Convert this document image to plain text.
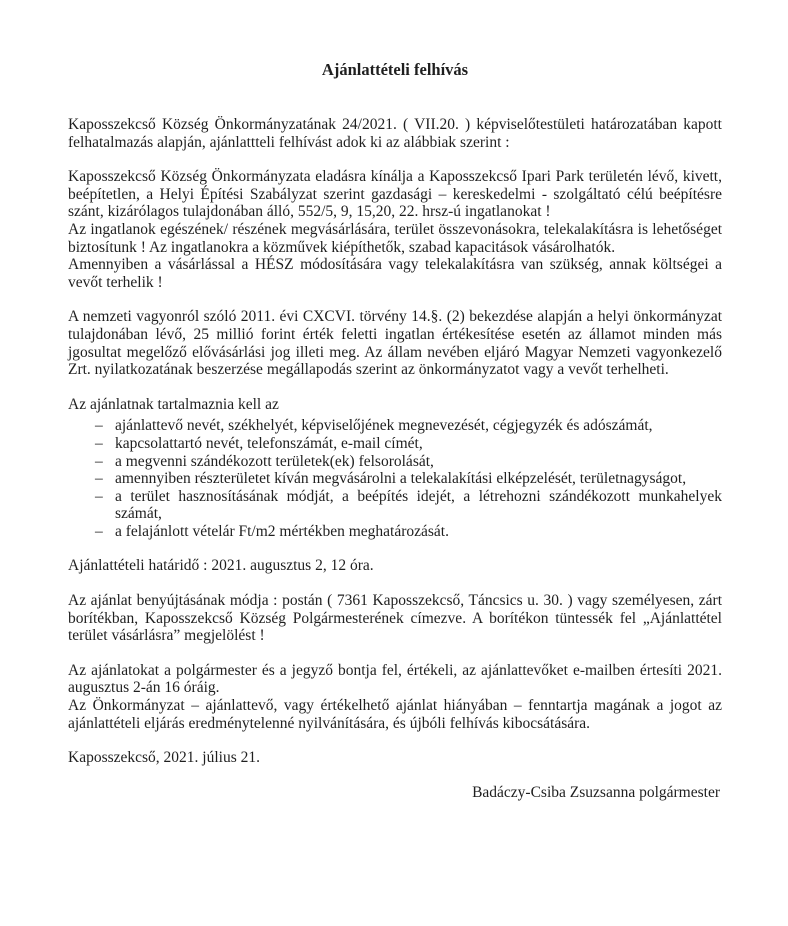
Ajánlattételi felhívás

Kaposszekcső Község Önkormányzatának 24/2021. ( VII.20. ) képviselőtestületi határozatában kapott felhatalmazás alapján, ajánlattteli felhívást adok ki az alábbiak szerint :

Kaposszekcső Község Önkormányzata eladásra kínálja a Kaposszekcső Ipari Park területén lévő, kivett, beépítetlen, a Helyi Építési Szabályzat szerint gazdasági – kereskedelmi - szolgáltató célú beépítésre szánt, kizárólagos tulajdonában álló, 552/5, 9, 15,20, 22. hrsz-ú ingatlanokat !
Az ingatlanok egészének/ részének megvásárlására, terület összevonásokra, telekalakításra is lehetőséget biztosítunk ! Az ingatlanokra a közművek kiépíthetők, szabad kapacitások vásárolhatók.
Amennyiben a vásárlással a HÉSZ módosítására vagy telekalakításra van szükség, annak költségei a vevőt terhelik !

A nemzeti vagyonról szóló 2011. évi CXCVI. törvény 14.§. (2) bekezdése alapján a helyi önkormányzat tulajdonában lévő, 25 millió forint érték feletti ingatlan értékesítése esetén az államot minden más jgosultat megelőző elővásárlási jog illeti meg. Az állam nevében eljáró Magyar Nemzeti vagyonkezelő Zrt. nyilatkozatának beszerzése megállapodás szerint az önkormányzatot vagy a vevőt terhelheti.

Az ajánlatnak tartalmaznia kell az
– ajánlattevő nevét, székhelyét, képviselőjének megnevezését, cégjegyzék és adószámát,
– kapcsolattartó nevét, telefonszámát, e-mail címét,
– a megvenni szándékozott területek(ek) felsorolását,
– amennyiben részterületet kíván megvásárolni a telekalakítási elképzelését, területnagyságot,
– a terület hasznosításának módját, a beépítés idejét, a létrehozni szándékozott munkahelyek számát,
– a felajánlott vételár Ft/m2 mértékben meghatározását.

Ajánlattételi határidő : 2021. augusztus 2, 12 óra.

Az ajánlat benyújtásának módja : postán ( 7361 Kaposszekcső, Táncsics u. 30. ) vagy személyesen, zárt borítékban, Kaposszekcső Község Polgármesterének címezve. A borítékon tüntessék fel „Ajánlattétel terület vásárlásra” megjelölést !

Az ajánlatokat a polgármester és a jegyző bontja fel, értékeli, az ajánlattevőket e-mailben értesíti 2021. augusztus 2-án 16 óráig.
Az Önkormányzat – ajánlattevő, vagy értékelhető ajánlat hiányában – fenntartja magának a jogot az ajánlattételi eljárás eredménytelenné nyilvánítására, és újbóli felhívás kibocsátására.

Kaposszekcső, 2021. július 21.

Badáczy-Csiba Zsuzsanna polgármester
